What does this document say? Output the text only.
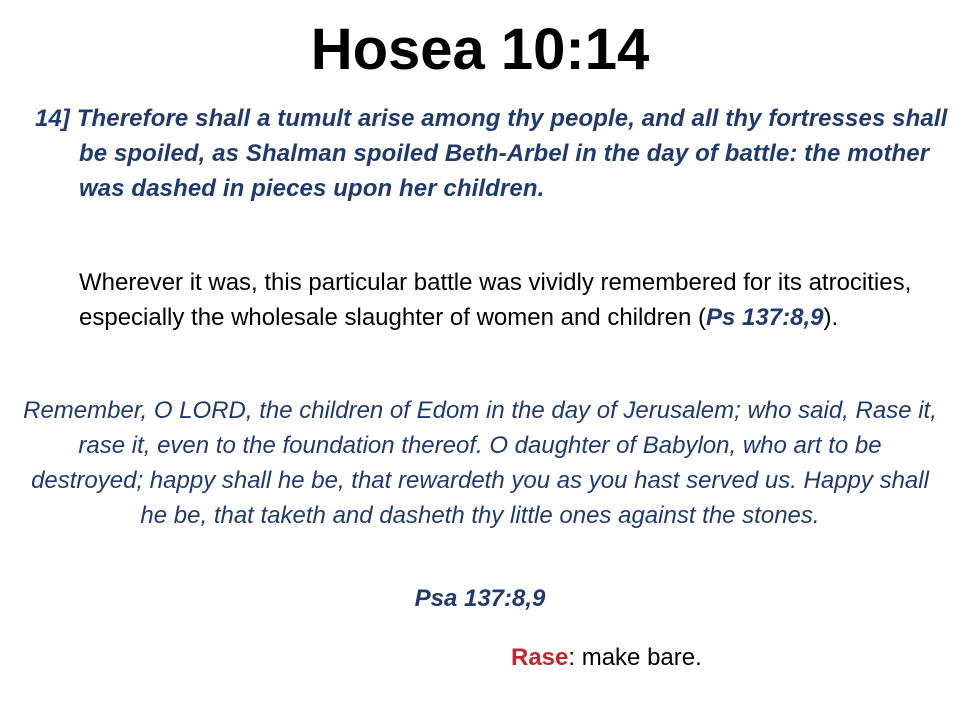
Hosea 10:14
14] Therefore shall a tumult arise among thy people, and all thy fortresses shall be spoiled, as Shalman spoiled Beth-Arbel in the day of battle: the mother was dashed in pieces upon her children.
Wherever it was, this particular battle was vividly remembered for its atrocities, especially the wholesale slaughter of women and children (Ps 137:8,9).
Remember, O LORD, the children of Edom in the day of Jerusalem; who said, Rase it, rase it, even to the foundation thereof. O daughter of Babylon, who art to be destroyed; happy shall he be, that rewardeth you as you hast served us. Happy shall he be, that taketh and dasheth thy little ones against the stones.
Psa 137:8,9
Rase: make bare.
